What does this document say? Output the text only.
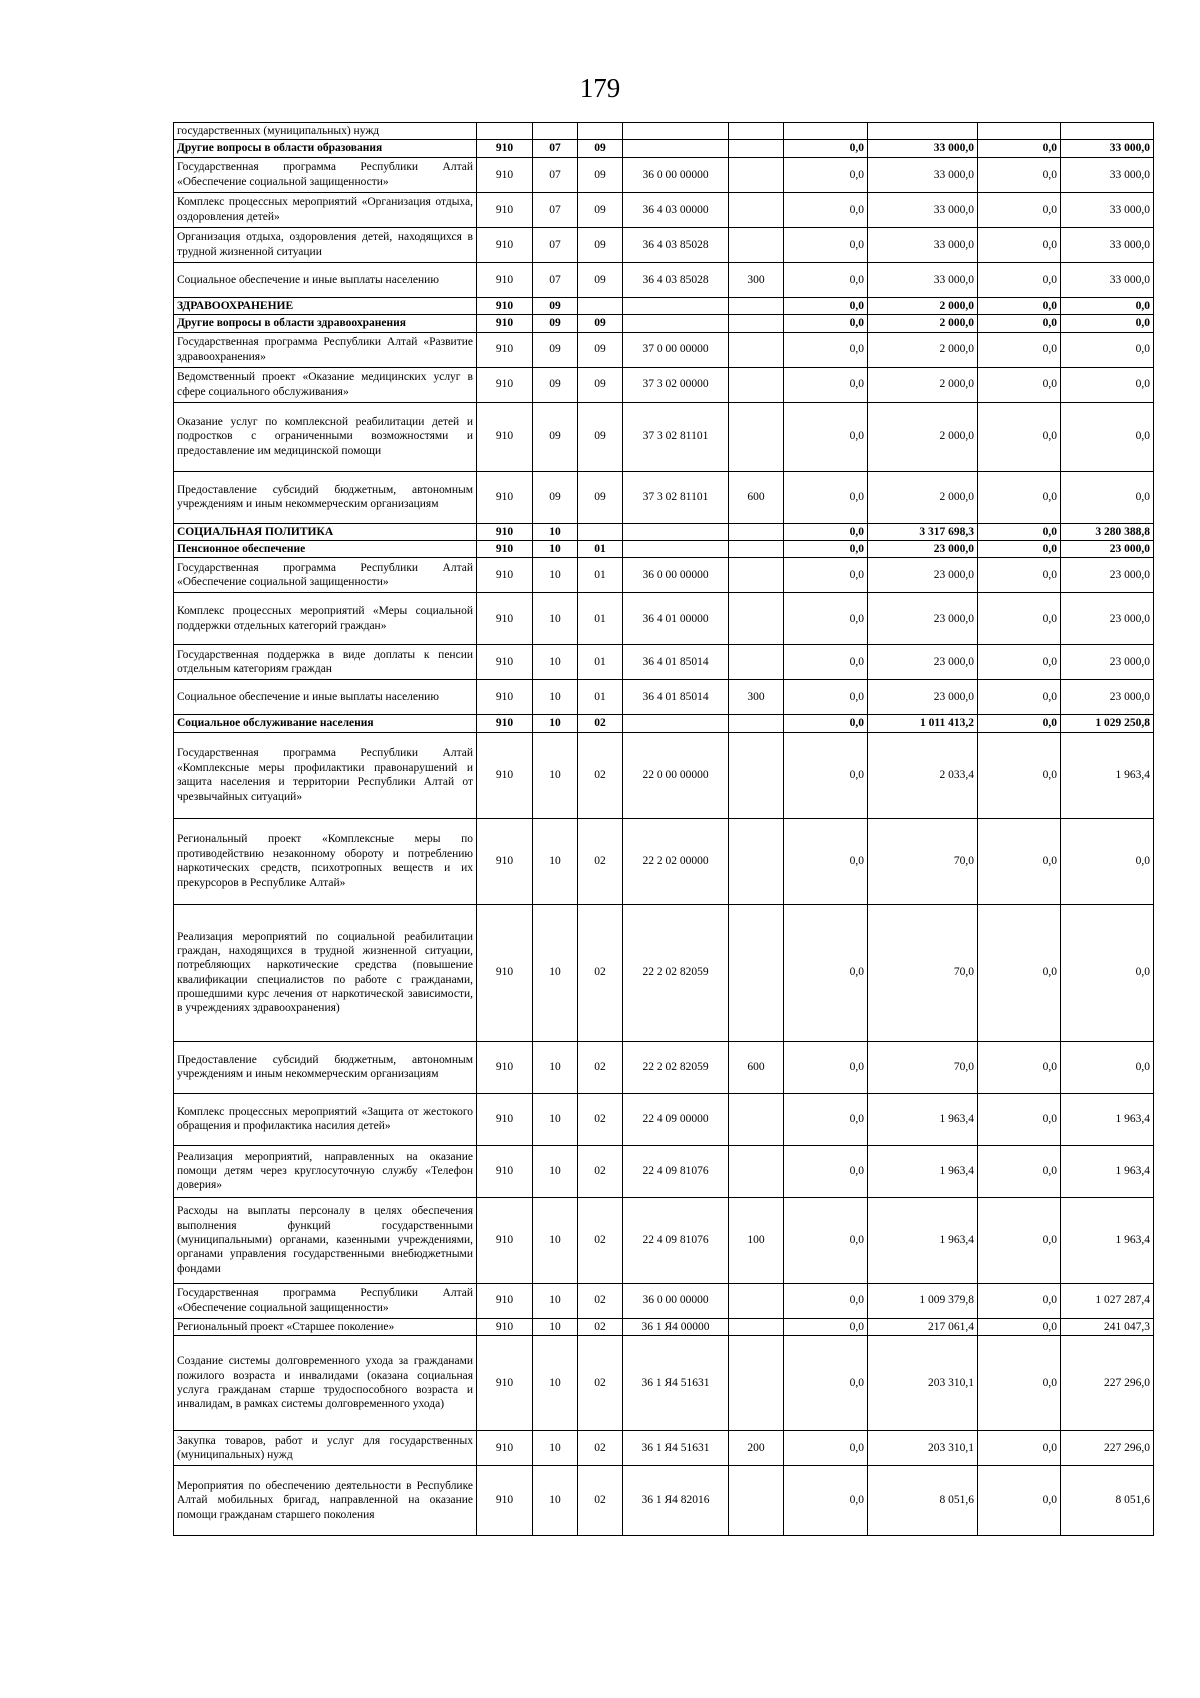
179
государственных (муниципальных) нужд									
Другие вопросы в области образования	910	07	09			0,0	33 000,0	0,0	33 000,0
Государственная программа Республики Алтай «Обеспечение социальной защищенности»	910	07	09	36 0 00 00000		0,0	33 000,0	0,0	33 000,0
Комплекс процессных мероприятий «Организация отдыха, оздоровления детей»	910	07	09	36 4 03 00000		0,0	33 000,0	0,0	33 000,0
Организация отдыха, оздоровления детей, находящихся в трудной жизненной ситуации	910	07	09	36 4 03 85028		0,0	33 000,0	0,0	33 000,0
Социальное обеспечение и иные выплаты населению	910	07	09	36 4 03 85028	300	0,0	33 000,0	0,0	33 000,0
ЗДРАВООХРАНЕНИЕ	910	09				0,0	2 000,0	0,0	0,0
Другие вопросы в области здравоохранения	910	09	09			0,0	2 000,0	0,0	0,0
Государственная программа Республики Алтай «Развитие здравоохранения»	910	09	09	37 0 00 00000		0,0	2 000,0	0,0	0,0
Ведомственный проект «Оказание медицинских услуг в сфере социального обслуживания»	910	09	09	37 3 02 00000		0,0	2 000,0	0,0	0,0
Оказание услуг по комплексной реабилитации детей и подростков с ограниченными возможностями и предоставление им медицинской помощи	910	09	09	37 3 02 81101		0,0	2 000,0	0,0	0,0
Предоставление субсидий бюджетным, автономным учреждениям и иным некоммерческим организациям	910	09	09	37 3 02 81101	600	0,0	2 000,0	0,0	0,0
СОЦИАЛЬНАЯ ПОЛИТИКА	910	10				0,0	3 317 698,3	0,0	3 280 388,8
Пенсионное обеспечение	910	10	01			0,0	23 000,0	0,0	23 000,0
Государственная программа Республики Алтай «Обеспечение социальной защищенности»	910	10	01	36 0 00 00000		0,0	23 000,0	0,0	23 000,0
Комплекс процессных мероприятий «Меры социальной поддержки отдельных категорий граждан»	910	10	01	36 4 01 00000		0,0	23 000,0	0,0	23 000,0
Государственная поддержка в виде доплаты к пенсии отдельным категориям граждан	910	10	01	36 4 01 85014		0,0	23 000,0	0,0	23 000,0
Социальное обеспечение и иные выплаты населению	910	10	01	36 4 01 85014	300	0,0	23 000,0	0,0	23 000,0
Социальное обслуживание населения	910	10	02			0,0	1 011 413,2	0,0	1 029 250,8
Государственная программа Республики Алтай «Комплексные меры профилактики правонарушений и защита населения и территории Республики Алтай от чрезвычайных ситуаций»	910	10	02	22 0 00 00000		0,0	2 033,4	0,0	1 963,4
Региональный проект «Комплексные меры по противодействию незаконному обороту и потреблению наркотических средств, психотропных веществ и их прекурсоров в Республике Алтай»	910	10	02	22 2 02 00000		0,0	70,0	0,0	0,0
Реализация мероприятий по социальной реабилитации граждан, находящихся в трудной жизненной ситуации, потребляющих наркотические средства (повышение квалификации специалистов по работе с гражданами, прошедшими курс лечения от наркотической зависимости, в учреждениях здравоохранения)	910	10	02	22 2 02 82059		0,0	70,0	0,0	0,0
Предоставление субсидий бюджетным, автономным учреждениям и иным некоммерческим организациям	910	10	02	22 2 02 82059	600	0,0	70,0	0,0	0,0
Комплекс процессных мероприятий «Защита от жестокого обращения и профилактика насилия детей»	910	10	02	22 4 09 00000		0,0	1 963,4	0,0	1 963,4
Реализация мероприятий, направленных на оказание помощи детям через круглосуточную службу «Телефон доверия»	910	10	02	22 4 09 81076		0,0	1 963,4	0,0	1 963,4
Расходы на выплаты персоналу в целях обеспечения выполнения функций государственными (муниципальными) органами, казенными учреждениями, органами управления государственными внебюджетными фондами	910	10	02	22 4 09 81076	100	0,0	1 963,4	0,0	1 963,4
Государственная программа Республики Алтай «Обеспечение социальной защищенности»	910	10	02	36 0 00 00000		0,0	1 009 379,8	0,0	1 027 287,4
Региональный проект «Старшее поколение»	910	10	02	36 1 Я4 00000		0,0	217 061,4	0,0	241 047,3
Создание системы долговременного ухода за гражданами пожилого возраста и инвалидами (оказана социальная услуга гражданам старше трудоспособного возраста и инвалидам, в рамках системы долговременного ухода)	910	10	02	36 1 Я4 51631		0,0	203 310,1	0,0	227 296,0
Закупка товаров, работ и услуг для государственных (муниципальных) нужд	910	10	02	36 1 Я4 51631	200	0,0	203 310,1	0,0	227 296,0
Мероприятия по обеспечению деятельности в Республике Алтай мобильных бригад, направленной на оказание помощи гражданам старшего поколения	910	10	02	36 1 Я4 82016		0,0	8 051,6	0,0	8 051,6
